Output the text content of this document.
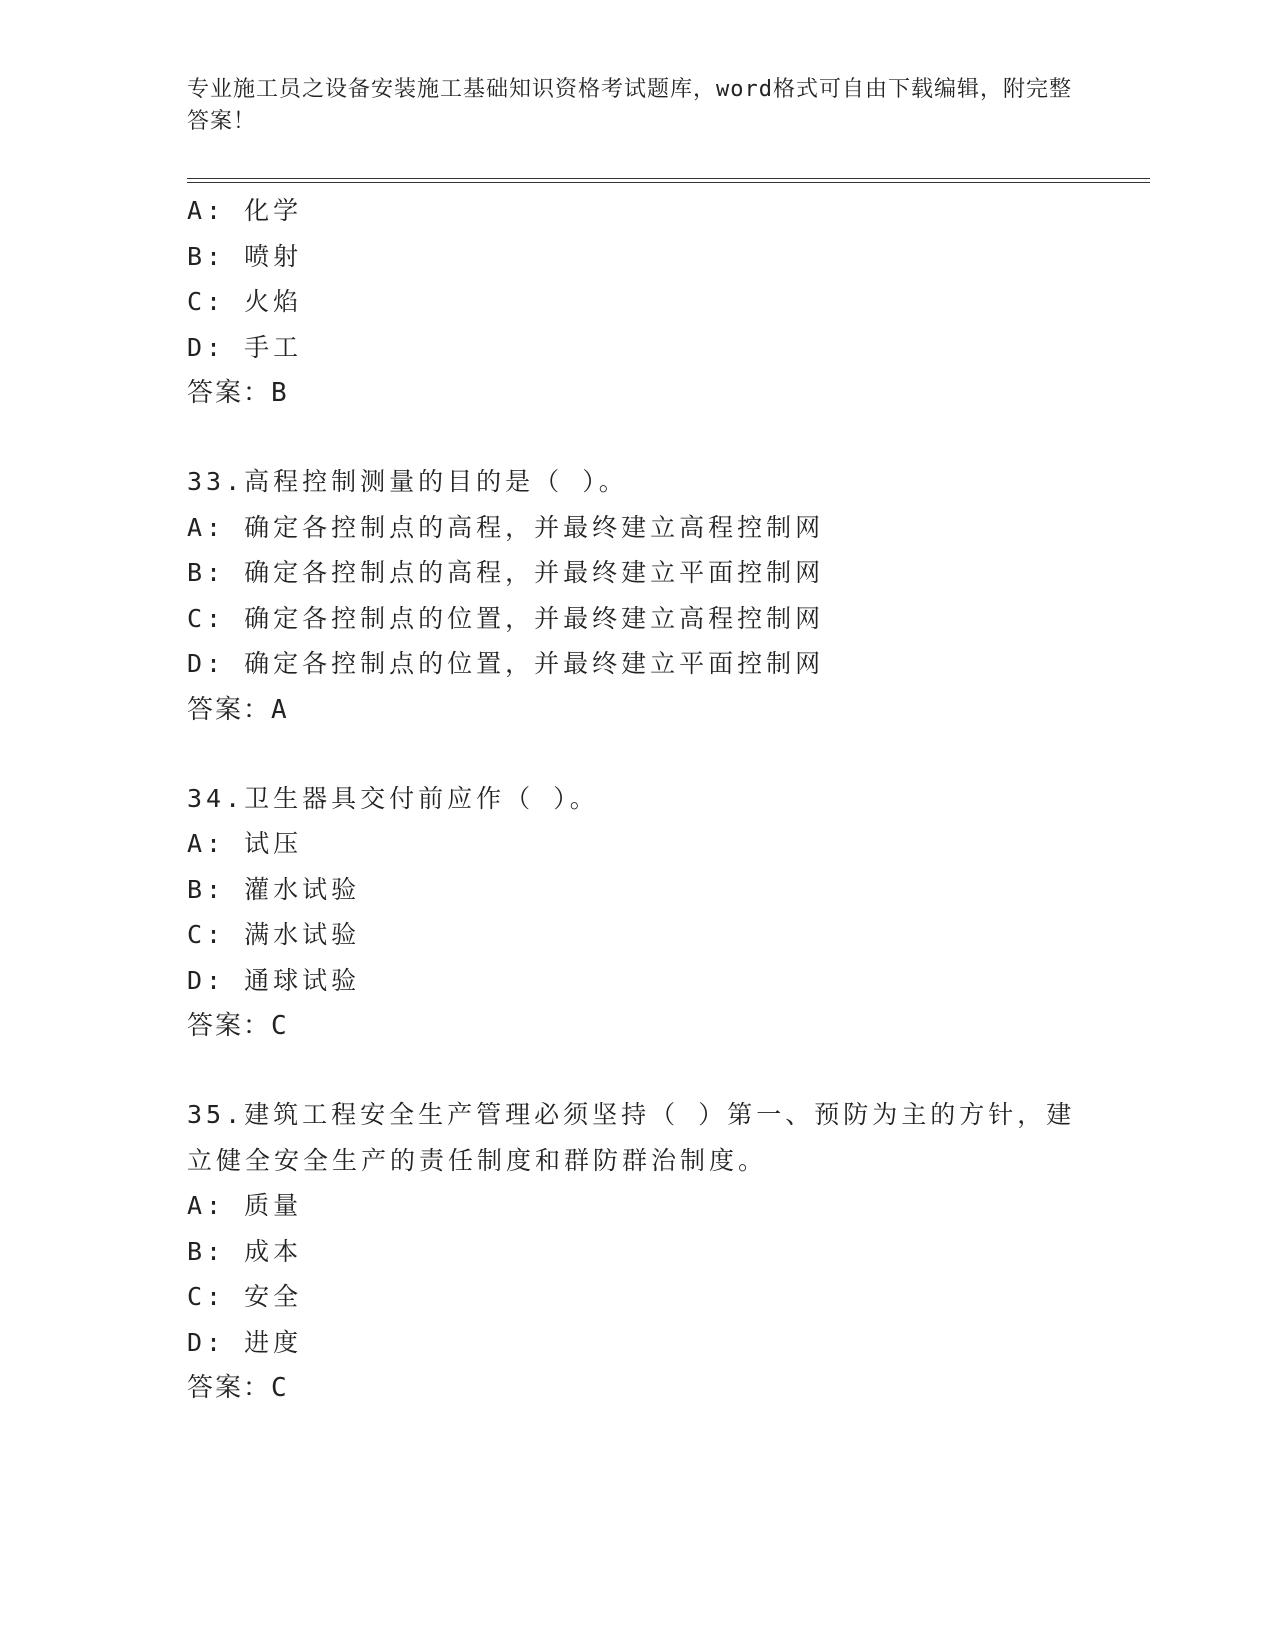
专业施工员之设备安装施工基础知识资格考试题库，word格式可自由下载编辑，附完整答案！
A: 化学
B: 喷射
C: 火焰
D: 手工
答案：B
33.高程控制测量的目的是（ ）。
A: 确定各控制点的高程，并最终建立高程控制网
B: 确定各控制点的高程，并最终建立平面控制网
C: 确定各控制点的位置，并最终建立高程控制网
D: 确定各控制点的位置，并最终建立平面控制网
答案：A
34.卫生器具交付前应作（ ）。
A: 试压
B: 灌水试验
C: 满水试验
D: 通球试验
答案：C
35.建筑工程安全生产管理必须坚持（ ）第一、预防为主的方针，建立健全安全生产的责任制度和群防群治制度。
A: 质量
B: 成本
C: 安全
D: 进度
答案：C
